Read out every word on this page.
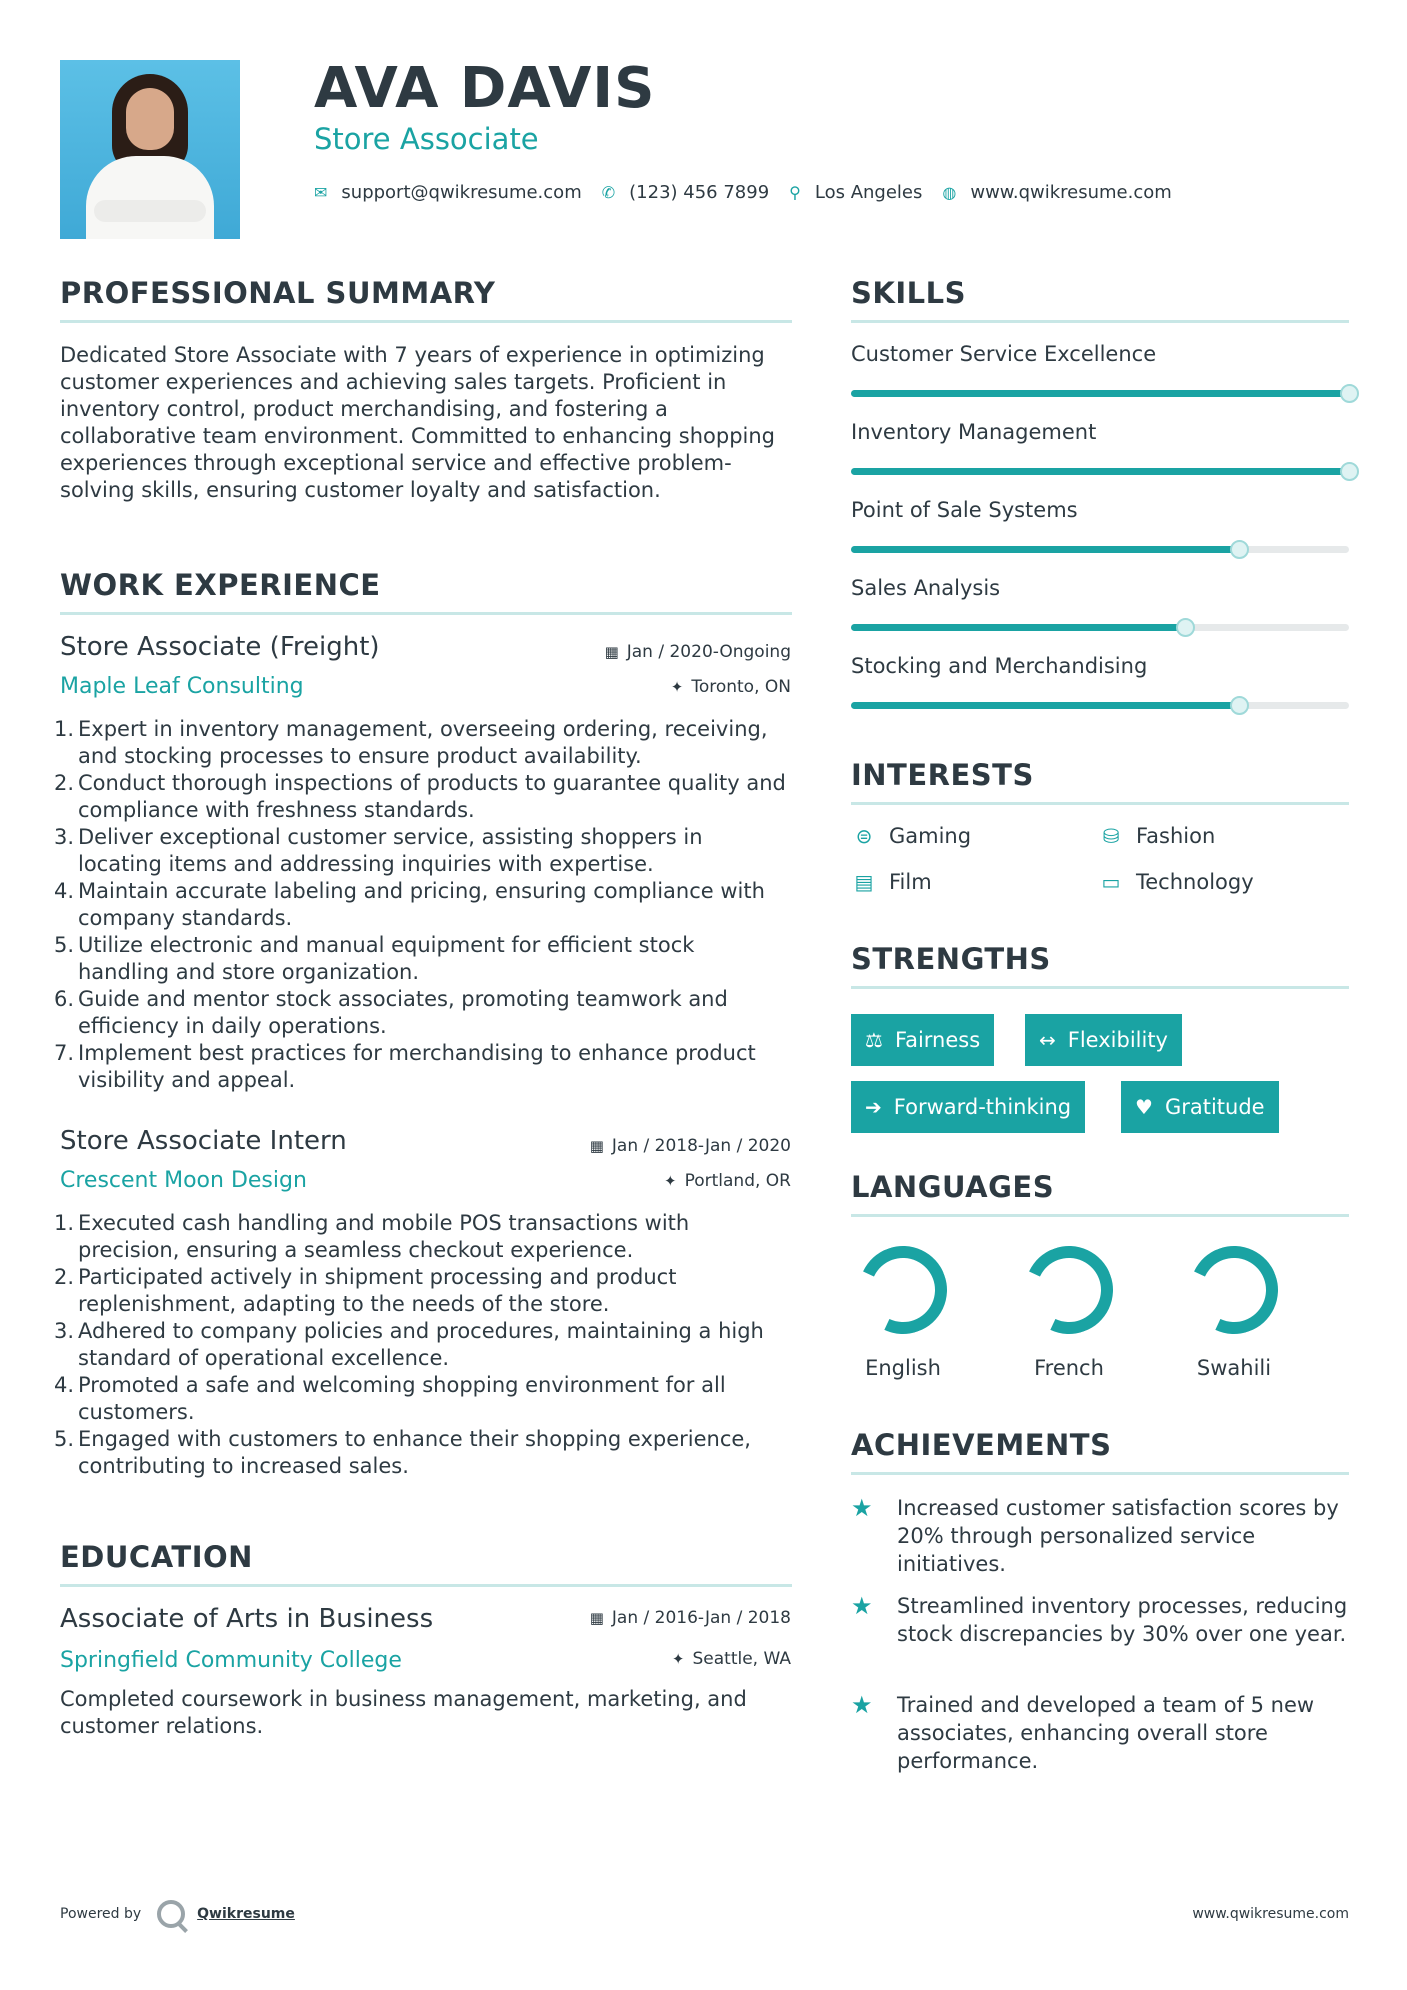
AVA DAVIS
Store Associate
✉ support@qwikresume.com ✆ (123) 456 7899 ⚲ Los Angeles ◍ www.qwikresume.com
PROFESSIONAL SUMMARY
Dedicated Store Associate with 7 years of experience in optimizing customer experiences and achieving sales targets. Proficient in inventory control, product merchandising, and fostering a collaborative team environment. Committed to enhancing shopping experiences through exceptional service and effective problem-solving skills, ensuring customer loyalty and satisfaction.
WORK EXPERIENCE
Store Associate (Freight)	▦ Jan / 2020-Ongoing
Maple Leaf Consulting	✦ Toronto, ON
1. Expert in inventory management, overseeing ordering, receiving, and stocking processes to ensure product availability.
2. Conduct thorough inspections of products to guarantee quality and compliance with freshness standards.
3. Deliver exceptional customer service, assisting shoppers in locating items and addressing inquiries with expertise.
4. Maintain accurate labeling and pricing, ensuring compliance with company standards.
5. Utilize electronic and manual equipment for efficient stock handling and store organization.
6. Guide and mentor stock associates, promoting teamwork and efficiency in daily operations.
7. Implement best practices for merchandising to enhance product visibility and appeal.
Store Associate Intern	▦ Jan / 2018-Jan / 2020
Crescent Moon Design	✦ Portland, OR
1. Executed cash handling and mobile POS transactions with precision, ensuring a seamless checkout experience.
2. Participated actively in shipment processing and product replenishment, adapting to the needs of the store.
3. Adhered to company policies and procedures, maintaining a high standard of operational excellence.
4. Promoted a safe and welcoming shopping environment for all customers.
5. Engaged with customers to enhance their shopping experience, contributing to increased sales.
EDUCATION
Associate of Arts in Business	▦ Jan / 2016-Jan / 2018
Springfield Community College	✦ Seattle, WA
Completed coursework in business management, marketing, and customer relations.
SKILLS
Customer Service Excellence
Inventory Management
Point of Sale Systems
Sales Analysis
Stocking and Merchandising
INTERESTS
⊜ Gaming	⛁ Fashion
▤ Film	▭ Technology
STRENGTHS
⚖ Fairness	↔ Flexibility
➔ Forward-thinking	♥ Gratitude
LANGUAGES
English	French	Swahili
ACHIEVEMENTS
★	Increased customer satisfaction scores by 20% through personalized service initiatives.
★	Streamlined inventory processes, reducing stock discrepancies by 30% over one year.
★	Trained and developed a team of 5 new associates, enhancing overall store performance.
Powered by	Qwikresume	www.qwikresume.com
